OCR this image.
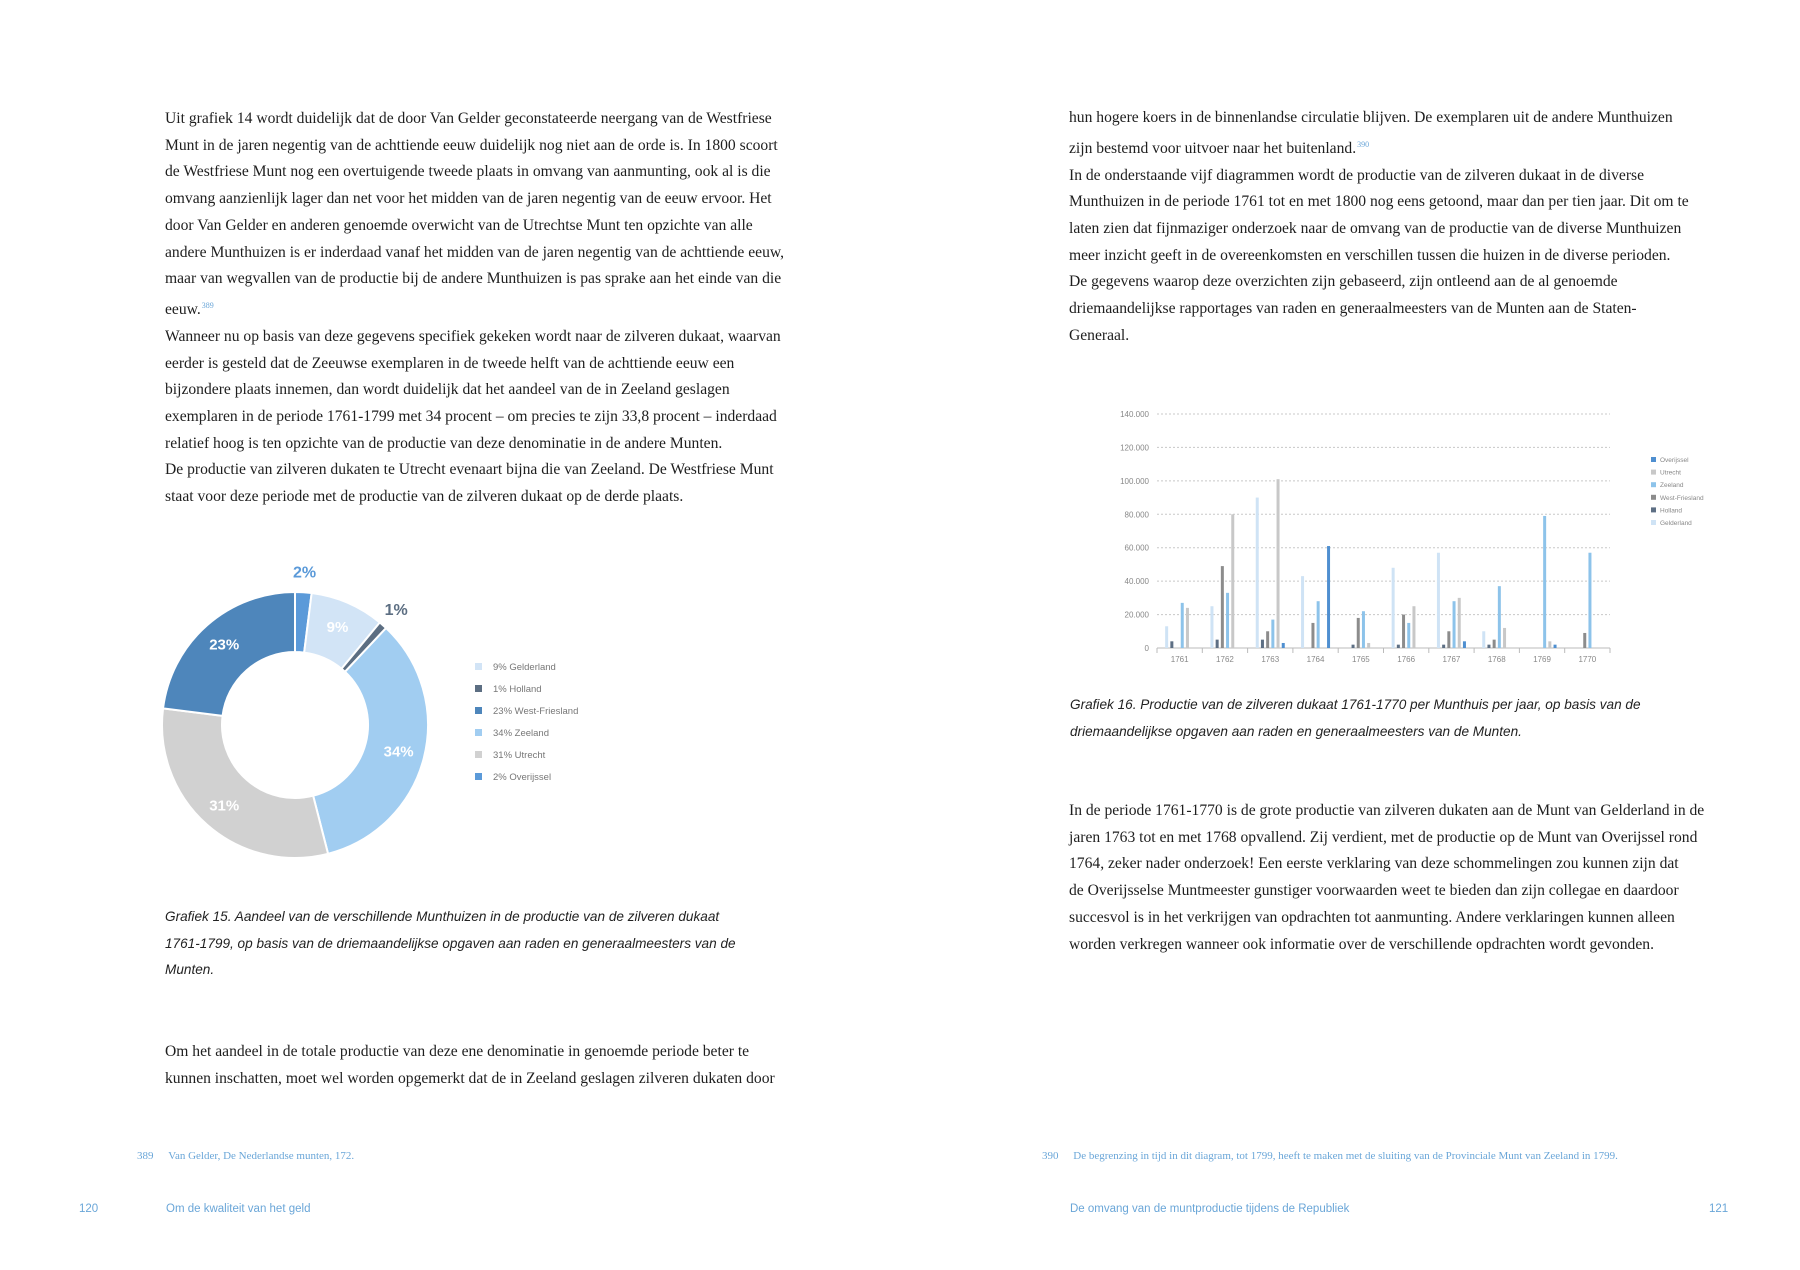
Uit grafiek 14 wordt duidelijk dat de door Van Gelder geconstateerde neergang van de Westfriese

Munt in de jaren negentig van de achttiende eeuw duidelijk nog niet aan de orde is. In 1800 scoort

de Westfriese Munt nog een overtuigende tweede plaats in omvang van aanmunting, ook al is die

omvang aanzienlijk lager dan net voor het midden van de jaren negentig van de eeuw ervoor. Het

door Van Gelder en anderen genoemde overwicht van de Utrechtse Munt ten opzichte van alle

andere Munthuizen is er inderdaad vanaf het midden van de jaren negentig van de achttiende eeuw,

maar van wegvallen van de productie bij de andere Munthuizen is pas sprake aan het einde van die

eeuw.$^{389}$

Wanneer nu op basis van deze gegevens specifiek gekeken wordt naar de zilveren dukaat, waarvan

eerder is gesteld dat de Zeeuwse exemplaren in de tweede helft van de achttiende eeuw een

bijzondere plaats innemen, dan wordt duidelijk dat het aandeel van de in Zeeland geslagen

exemplaren in de periode 1761-1799 met 34 procent – om precies te zijn 33,8 procent – inderdaad

relatief hoog is ten opzichte van de productie van deze denominatie in de andere Munten.

De productie van zilveren dukaten te Utrecht evenaart bijna die van Zeeland. De Westfriese Munt

staat voor deze periode met de productie van de zilveren dukaat op de derde plaats.

2%
9%
1%
34%
31%
23%
9% Gelderland
1% Holland
23% West-Friesland
34% Zeeland
31% Utrecht
2% Overijssel

Grafiek 15. Aandeel van de verschillende Munthuizen in de productie van de zilveren dukaat

1761-1799, op basis van de driemaandelijkse opgaven aan raden en generaalmeesters van de

Munten.

Om het aandeel in de totale productie van deze ene denominatie in genoemde periode beter te

kunnen inschatten, moet wel worden opgemerkt dat de in Zeeland geslagen zilveren dukaten door

389 Van Gelder, De Nederlandse munten, 172.
120	Om de kwaliteit van het geld

hun hogere koers in de binnenlandse circulatie blijven. De exemplaren uit de andere Munthuizen

zijn bestemd voor uitvoer naar het buitenland.$^{390}$

In de onderstaande vijf diagrammen wordt de productie van de zilveren dukaat in de diverse

Munthuizen in de periode 1761 tot en met 1800 nog eens getoond, maar dan per tien jaar. Dit om te

laten zien dat fijnmaziger onderzoek naar de omvang van de productie van de diverse Munthuizen

meer inzicht geeft in de overeenkomsten en verschillen tussen die huizen in de diverse perioden.

De gegevens waarop deze overzichten zijn gebaseerd, zijn ontleend aan de al genoemde

driemaandelijkse rapportages van raden en generaalmeesters van de Munten aan de Staten-

Generaal.

0
20.000
40.000
60.000
80.000
100.000
120.000
140.000
1761	1762	1763	1764	1765	1766	1767	1768	1769	1770
Overijssel
Utrecht
Zeeland
West-Friesland
Holland
Gelderland

Grafiek 16. Productie van de zilveren dukaat 1761-1770 per Munthuis per jaar, op basis van de

driemaandelijkse opgaven aan raden en generaalmeesters van de Munten.

In de periode 1761-1770 is de grote productie van zilveren dukaten aan de Munt van Gelderland in de

jaren 1763 tot en met 1768 opvallend. Zij verdient, met de productie op de Munt van Overijssel rond

1764, zeker nader onderzoek! Een eerste verklaring van deze schommelingen zou kunnen zijn dat

de Overijsselse Muntmeester gunstiger voorwaarden weet te bieden dan zijn collegae en daardoor

succesvol is in het verkrijgen van opdrachten tot aanmunting. Andere verklaringen kunnen alleen

worden verkregen wanneer ook informatie over de verschillende opdrachten wordt gevonden.

390 De begrenzing in tijd in dit diagram, tot 1799, heeft te maken met de sluiting van de Provinciale Munt van Zeeland in 1799.
De omvang van de muntproductie tijdens de Republiek	121
